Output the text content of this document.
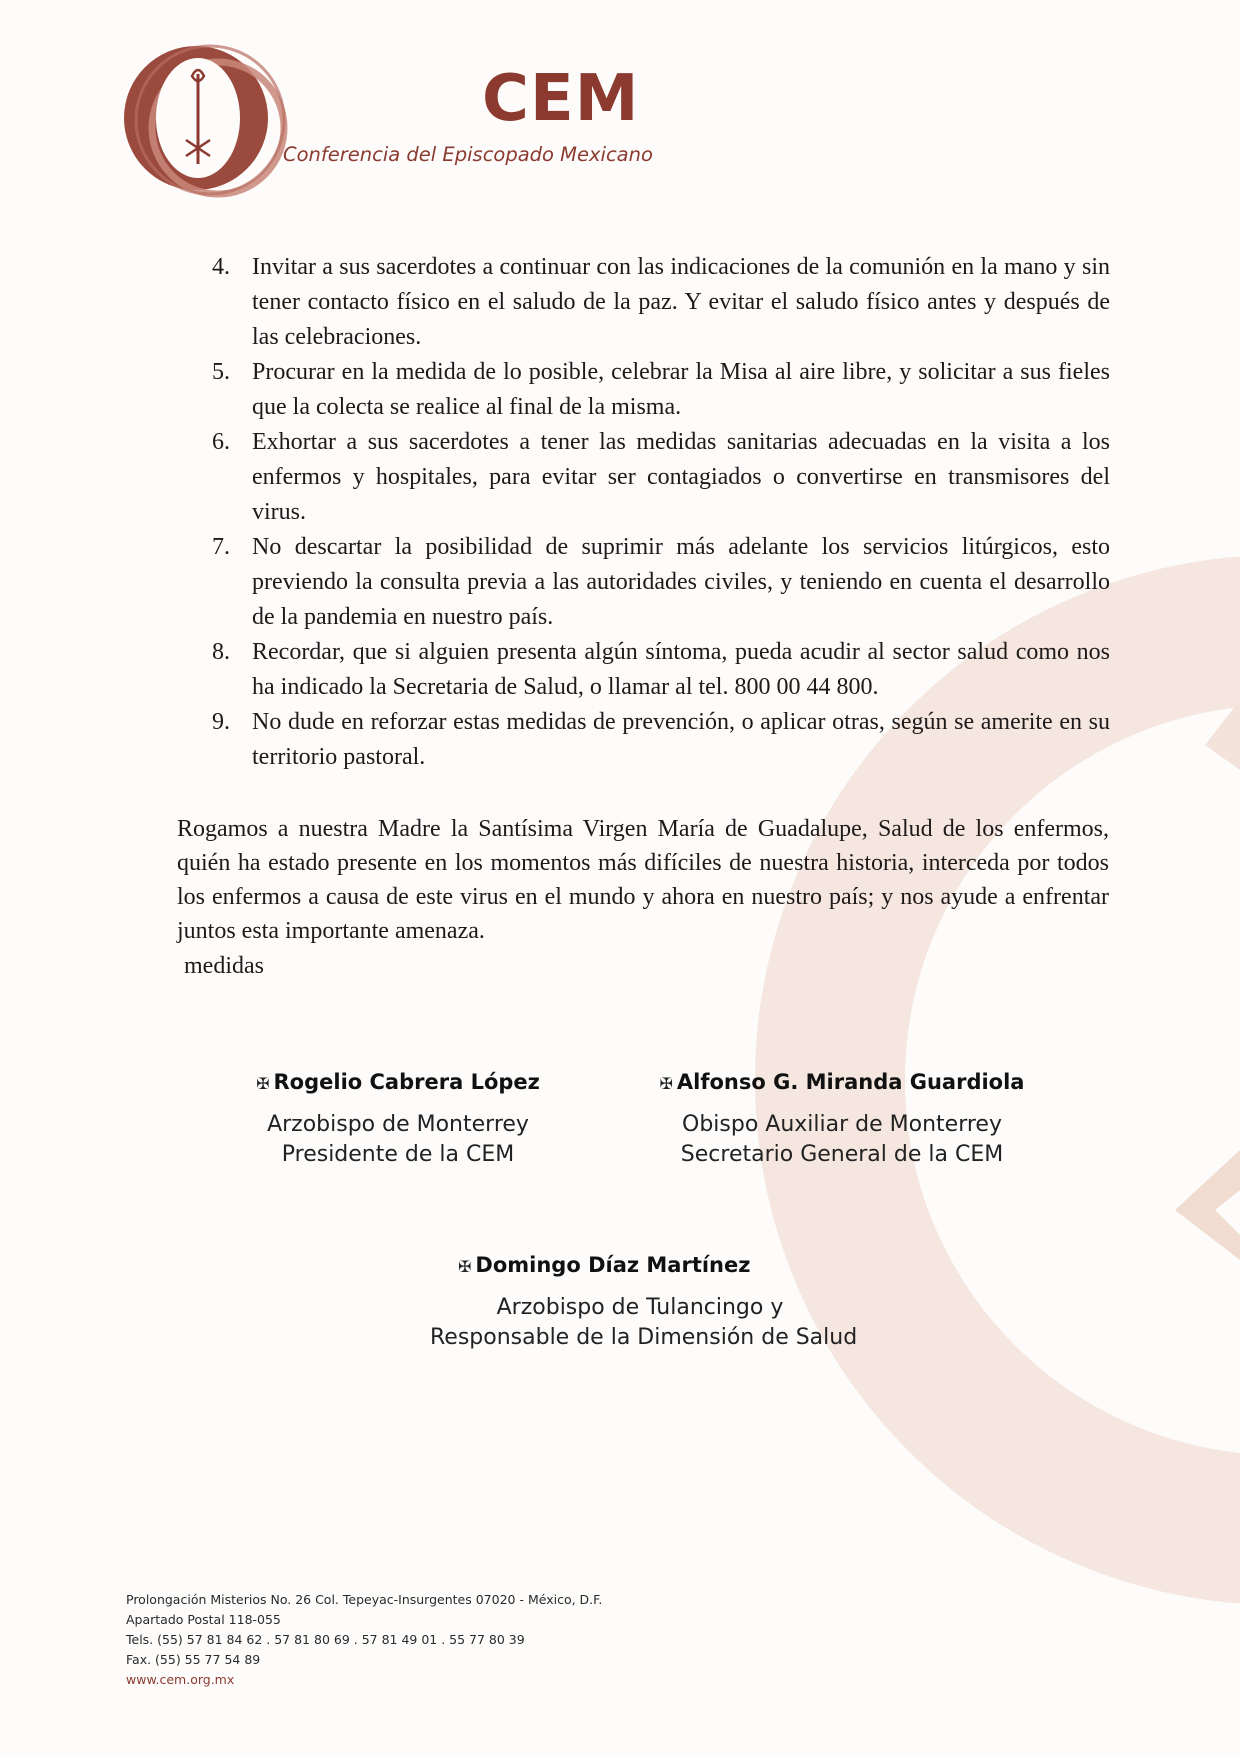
CEM
Conferencia del Episcopado Mexicano
4. Invitar a sus sacerdotes a continuar con las indicaciones de la comunión en la mano y sin tener contacto físico en el saludo de la paz. Y evitar el saludo físico antes y después de las celebraciones.
5. Procurar en la medida de lo posible, celebrar la Misa al aire libre, y solicitar a sus fieles que la colecta se realice al final de la misma.
6. Exhortar a sus sacerdotes a tener las medidas sanitarias adecuadas en la visita a los enfermos y hospitales, para evitar ser contagiados o convertirse en transmisores del virus.
7. No descartar la posibilidad de suprimir más adelante los servicios litúrgicos, esto previendo la consulta previa a las autoridades civiles, y teniendo en cuenta el desarrollo de la pandemia en nuestro país.
8. Recordar, que si alguien presenta algún síntoma, pueda acudir al sector salud como nos ha indicado la Secretaria de Salud, o llamar al tel. 800 00 44 800.
9. No dude en reforzar estas medidas de prevención, o aplicar otras, según se amerite en su territorio pastoral.

Rogamos a nuestra Madre la Santísima Virgen María de Guadalupe, Salud de los enfermos, quién ha estado presente en los momentos más difíciles de nuestra historia, interceda por todos los enfermos a causa de este virus en el mundo y ahora en nuestro país; y nos ayude a enfrentar juntos esta importante amenaza.

medidas
✠ Rogelio Cabrera López
Arzobispo de Monterrey
Presidente de la CEM
✠ Alfonso G. Miranda Guardiola
Obispo Auxiliar de Monterrey
Secretario General de la CEM
✠ Domingo Díaz Martínez
Arzobispo de Tulancingo y
Responsable de la Dimensión de Salud
Prolongación Misterios No. 26 Col. Tepeyac-Insurgentes 07020 - México, D.F.
Apartado Postal 118-055
Tels. (55) 57 81 84 62 . 57 81 80 69 . 57 81 49 01 . 55 77 80 39
Fax. (55) 55 77 54 89
www.cem.org.mx
